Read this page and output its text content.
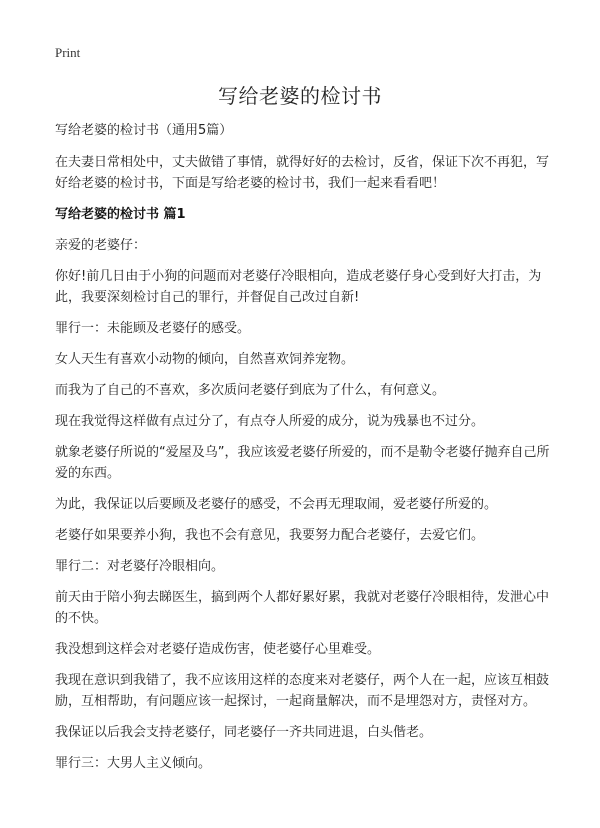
Print
写给老婆的检讨书

写给老婆的检讨书（通用5篇）

在夫妻日常相处中，丈夫做错了事情，就得好好的去检讨，反省，保证下次不再犯，写好给老婆的检讨书，下面是写给老婆的检讨书，我们一起来看看吧！

写给老婆的检讨书 篇1

亲爱的老婆仔：

你好!前几日由于小狗的问题而对老婆仔冷眼相向，造成老婆仔身心受到好大打击，为此，我要深刻检讨自己的罪行，并督促自己改过自新!

罪行一：未能顾及老婆仔的感受。

女人天生有喜欢小动物的倾向，自然喜欢饲养宠物。

而我为了自己的不喜欢，多次质问老婆仔到底为了什么，有何意义。

现在我觉得这样做有点过分了，有点夺人所爱的成分，说为残暴也不过分。

就象老婆仔所说的“爱屋及乌”，我应该爱老婆仔所爱的，而不是勒令老婆仔抛弃自己所爱的东西。

为此，我保证以后要顾及老婆仔的感受，不会再无理取闹，爱老婆仔所爱的。

老婆仔如果要养小狗，我也不会有意见，我要努力配合老婆仔，去爱它们。

罪行二：对老婆仔冷眼相向。

前天由于陪小狗去睇医生，搞到两个人都好累好累，我就对老婆仔冷眼相待，发泄心中的不快。

我没想到这样会对老婆仔造成伤害，使老婆仔心里难受。

我现在意识到我错了，我不应该用这样的态度来对老婆仔，两个人在一起，应该互相鼓励，互相帮助，有问题应该一起探讨，一起商量解决，而不是埋怨对方，责怪对方。

我保证以后我会支持老婆仔，同老婆仔一齐共同进退，白头偕老。

罪行三：大男人主义倾向。
